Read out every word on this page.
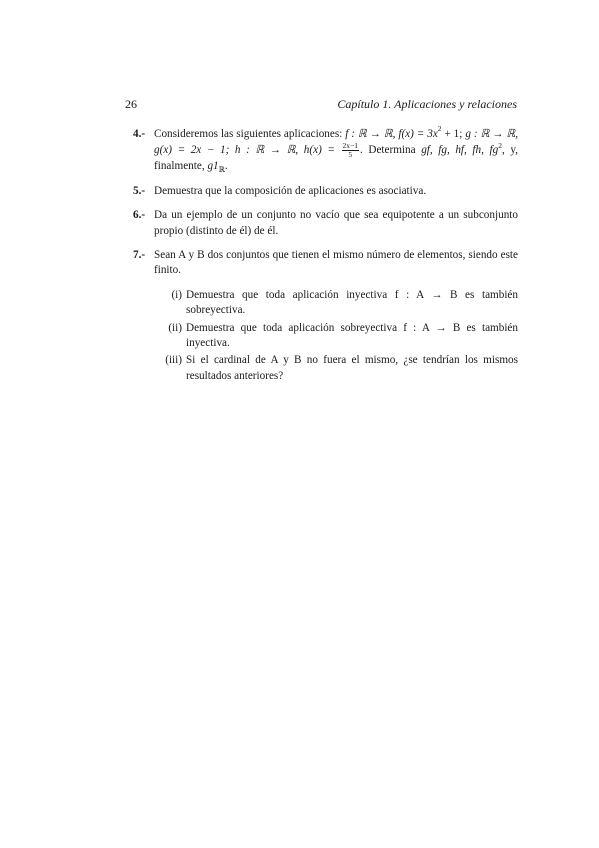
26	Capítulo 1. Aplicaciones y relaciones
4.- Consideremos las siguientes aplicaciones: f : ℝ → ℝ, $f(x) = 3x^2 + 1$; g : ℝ → ℝ, g(x) = 2x − 1; h : ℝ → ℝ, $h(x) = \frac{2x-1}{5}$ . Determina gf, fg, hf, fh, $fg^2$, y, finalmente, $g1_ℝ$.
5.- Demuestra que la composición de aplicaciones es asociativa.
6.- Da un ejemplo de un conjunto no vacío que sea equipotente a un subconjunto propio (distinto de él) de él.
7.- Sean A y B dos conjuntos que tienen el mismo número de elementos, siendo este finito.
(i) Demuestra que toda aplicación inyectiva f : A → B es también sobreyectiva.
(ii) Demuestra que toda aplicación sobreyectiva f : A → B es también inyectiva.
(iii) Si el cardinal de A y B no fuera el mismo, ¿se tendrían los mismos resultados anteriores?
